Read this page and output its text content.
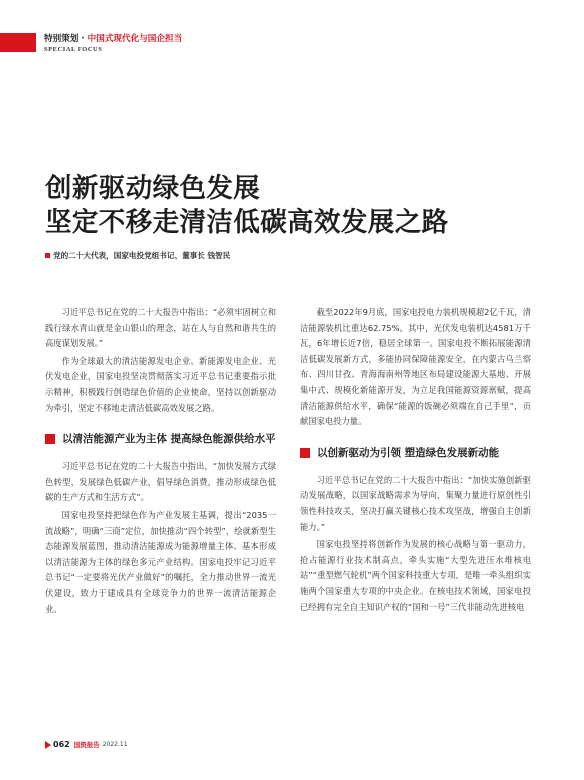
特别策划 · 中国式现代化与国企担当
SPECIAL FOCUS
创新驱动绿色发展
坚定不移走清洁低碳高效发展之路
党的二十大代表，国家电投党组书记、董事长 钱智民

习近平总书记在党的二十大报告中指出：“必须牢固树立和践行绿水青山就是金山银山的理念，站在人与自然和谐共生的高度谋划发展。”

作为全球最大的清洁能源发电企业、新能源发电企业、光伏发电企业，国家电投坚决贯彻落实习近平总书记重要指示批示精神，积极践行创造绿色价值的企业使命，坚持以创新驱动为牵引，坚定不移地走清洁低碳高效发展之路。

以清洁能源产业为主体 提高绿色能源供给水平

习近平总书记在党的二十大报告中指出，“加快发展方式绿色转型，发展绿色低碳产业，倡导绿色消费，推动形成绿色低碳的生产方式和生活方式”。

国家电投坚持把绿色作为产业发展主基调，提出“2035一流战略”，明确“三商”定位，加快推动“四个转型”，绘就新型生态能源发展蓝图，推动清洁能源成为能源增量主体、基本形成以清洁能源为主体的绿色多元产业结构。国家电投牢记习近平总书记“一定要将光伏产业做好”的嘱托，全力推动世界一流光伏建设，致力于建成具有全球竞争力的世界一流清洁能源企业。

截至2022年9月底，国家电投电力装机规模超2亿千瓦，清洁能源装机比重达62.75%。其中，光伏发电装机达4581万千瓦，6年增长近7倍，稳居全球第一。国家电投不断拓展能源清洁低碳发展新方式，多能协同保障能源安全，在内蒙古乌兰察布、四川甘孜、青海海南州等地区布局建设能源大基地、开展集中式、规模化新能源开发，为立足我国能源资源禀赋，提高清洁能源供给水平，确保“能源的饭碗必须端在自己手里”，贡献国家电投力量。

以创新驱动为引领 塑造绿色发展新动能

习近平总书记在党的二十大报告中指出：“加快实施创新驱动发展战略，以国家战略需求为导向，集聚力量进行原创性引领性科技攻关，坚决打赢关键核心技术攻坚战，增强自主创新能力。”

国家电投坚持将创新作为发展的核心战略与第一驱动力，抢占能源行业技术制高点，牵头实施“大型先进压水堆核电站”“重型燃气轮机”两个国家科技重大专项，是唯一牵头组织实施两个国家重大专项的中央企业。在核电技术领域，国家电投已经拥有完全自主知识产权的“国和一号”三代非能动先进核电

062 国资报告 2022.11
